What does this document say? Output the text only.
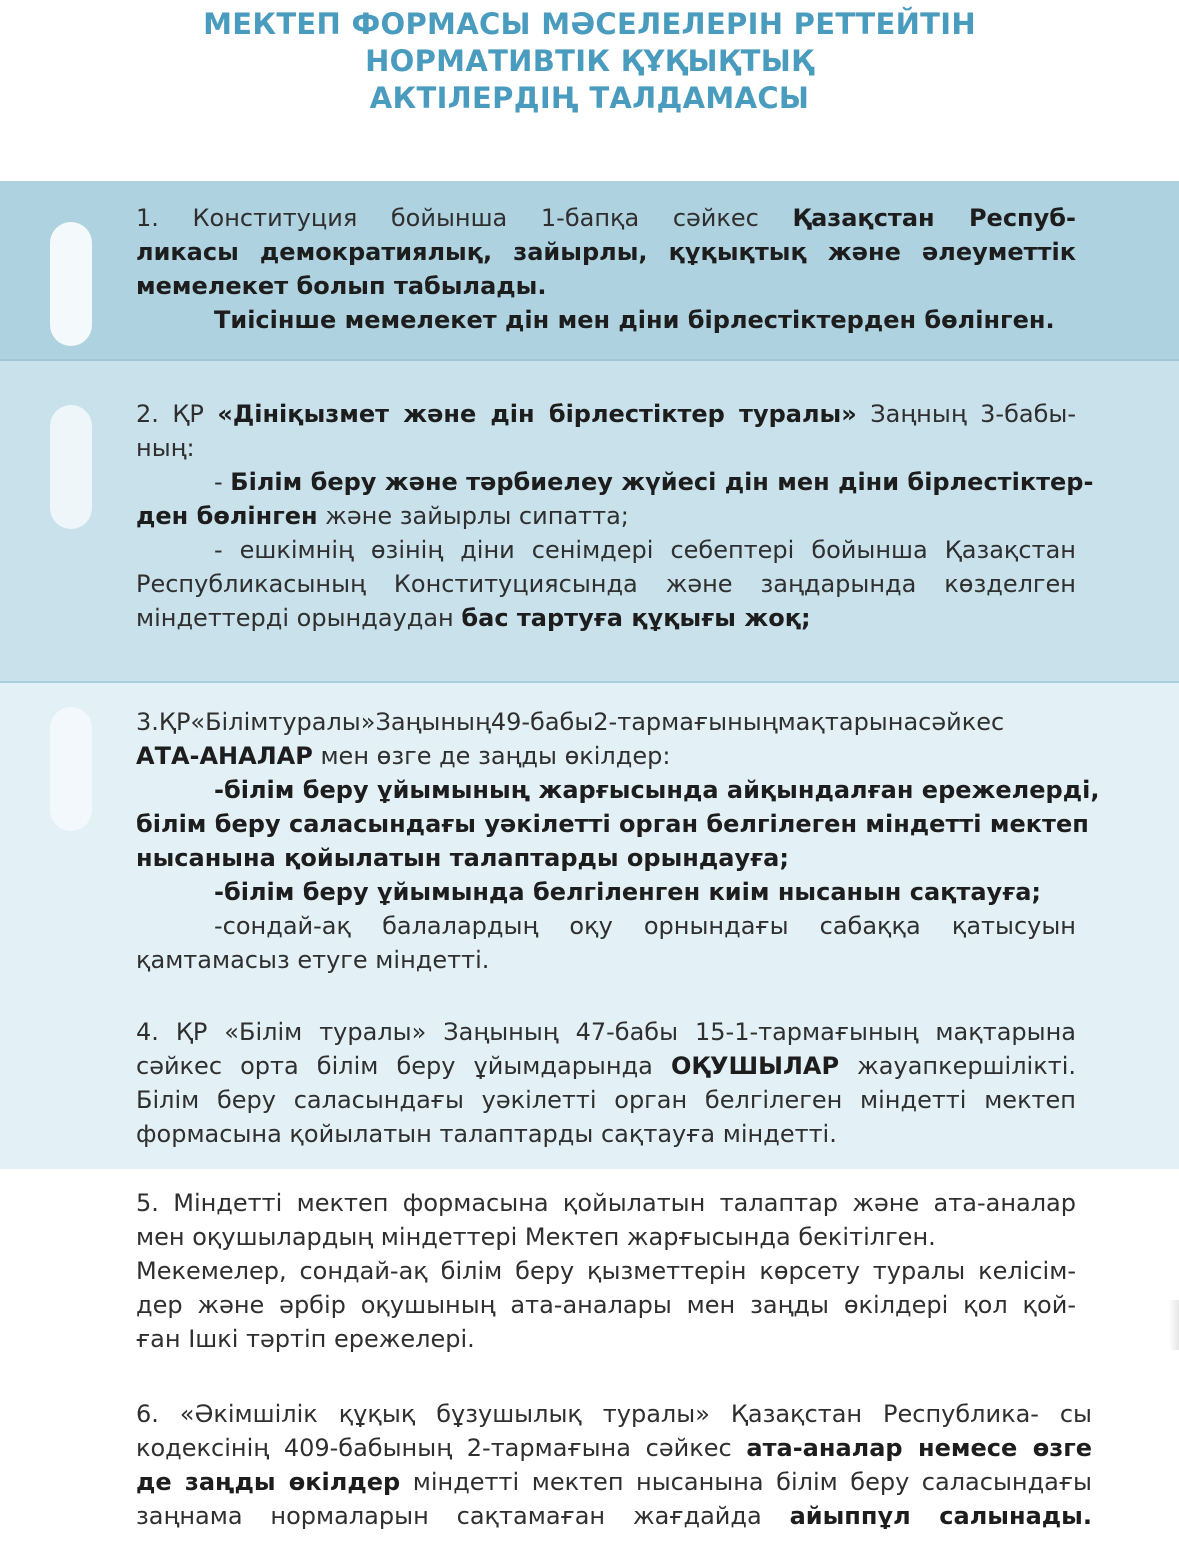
МЕКТЕП ФОРМАСЫ МӘСЕЛЕЛЕРІН РЕТТЕЙТІН
НОРМАТИВТІК ҚҰҚЫҚТЫҚ
АКТІЛЕРДІҢ ТАЛДАМАСЫ
1. Конституция бойынша 1-бапқа сәйкес Қазақстан Респуб-
ликасы демократиялық, зайырлы, құқықтық және әлеуметтік
мемелекет болып табылады.
Тиісінше мемелекет дін мен діни бірлестіктерден бөлінген.
2. ҚР «Дініқызмет және дін бірлестіктер туралы» Заңның 3-бабы-
ның:
- Білім беру және тәрбиелеу жүйесі дін мен діни бірлестіктер-
ден бөлінген және зайырлы сипатта;
- ешкімнің өзінің діни сенімдері себептері бойынша Қазақстан
Республикасының Конституциясында және заңдарында көзделген
міндеттерді орындаудан бас тартуға құқығы жоқ;
3.ҚР«Білімтуралы»Заңының49-бабы2-тармағыныңмақтарынасәйкес
АТА-АНАЛАР мен өзге де заңды өкілдер:
-білім беру ұйымының жарғысында айқындалған ережелерді,
білім беру саласындағы уәкілетті орган белгілеген міндетті мектеп
нысанына қойылатын талаптарды орындауға;
-білім беру ұйымында белгіленген киім нысанын сақтауға;
-сондай-ақ балалардың оқу орнындағы сабаққа қатысуын
қамтамасыз етуге міндетті.
4. ҚР «Білім туралы» Заңының 47-бабы 15-1-тармағының мақтарына
сәйкес орта білім беру ұйымдарында ОҚУШЫЛАР жауапкершілікті.
Білім беру саласындағы уәкілетті орган белгілеген міндетті мектеп
формасына қойылатын талаптарды сақтауға міндетті.
5. Міндетті мектеп формасына қойылатын талаптар және ата-аналар
мен оқушылардың міндеттері Мектеп жарғысында бекітілген.
Мекемелер, сондай-ақ білім беру қызметтерін көрсету туралы келісім-
дер және әрбір оқушының ата-аналары мен заңды өкілдері қол қой-
ған Ішкі тәртіп ережелері.
6. «Әкімшілік құқық бұзушылық туралы» Қазақстан Республика- сы
кодексінің 409-бабының 2-тармағына сәйкес ата-аналар немесе өзге
де заңды өкілдер міндетті мектеп нысанына білім беру саласындағы
заңнама нормаларын сақтамаған жағдайда айыппұл салынады.
